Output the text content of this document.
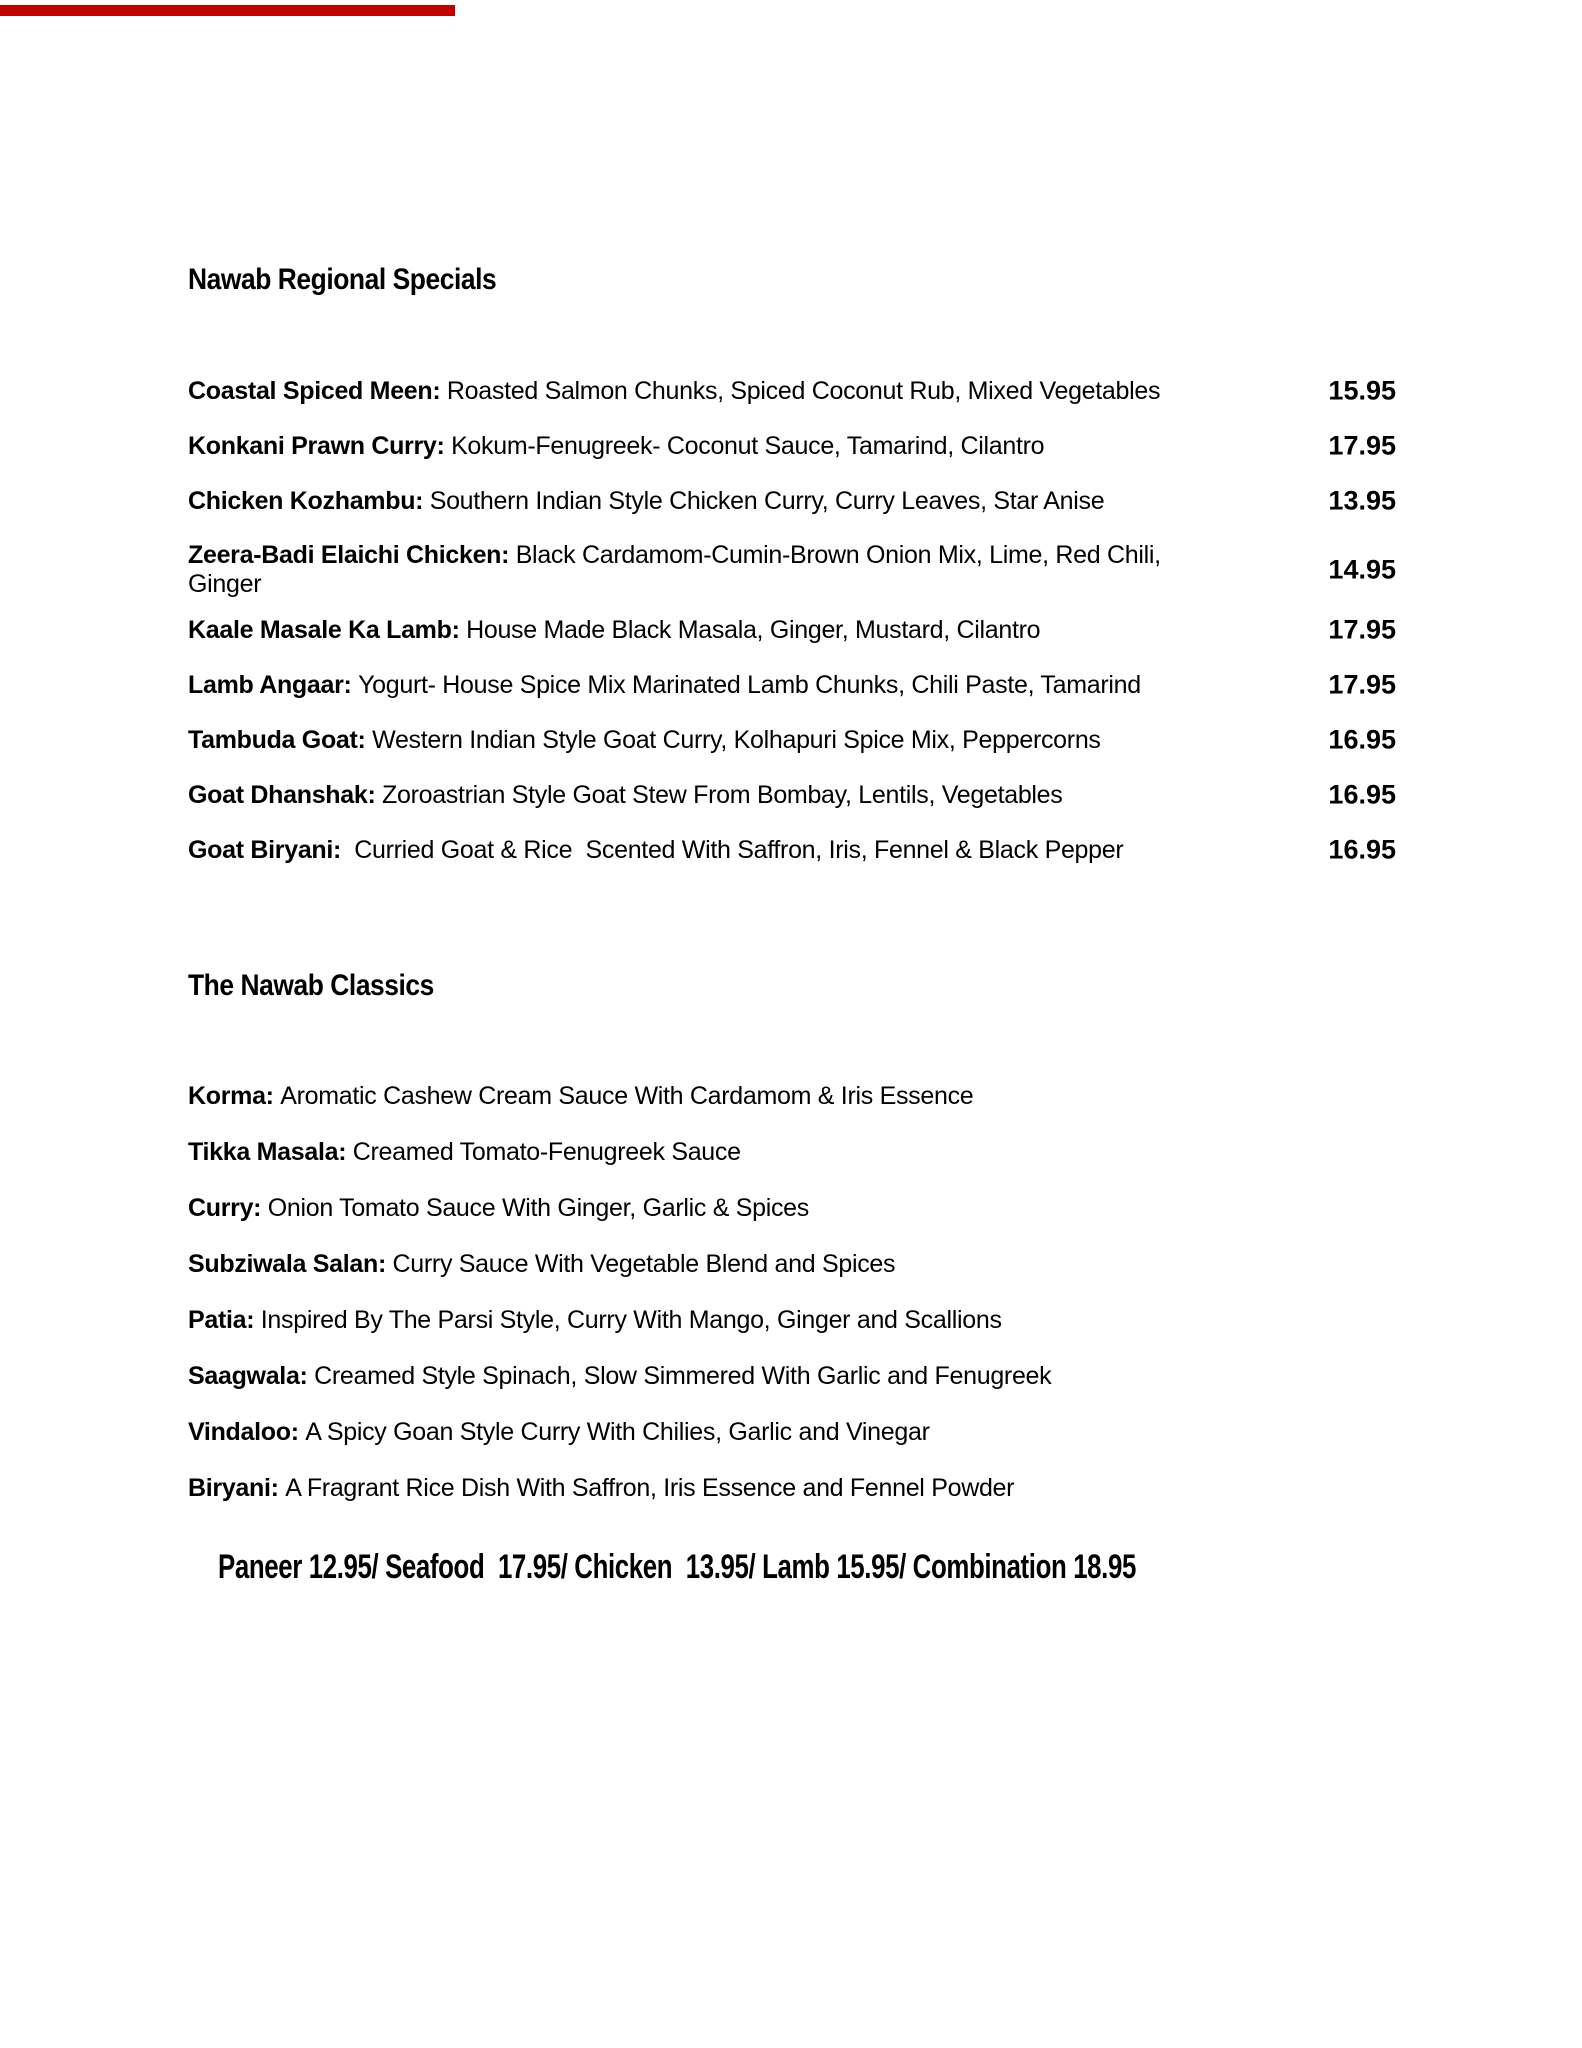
Nawab Regional Specials
Coastal Spiced Meen: Roasted Salmon Chunks, Spiced Coconut Rub, Mixed Vegetables	15.95
Konkani Prawn Curry: Kokum-Fenugreek- Coconut Sauce, Tamarind, Cilantro	17.95
Chicken Kozhambu: Southern Indian Style Chicken Curry, Curry Leaves, Star Anise	13.95
Zeera-Badi Elaichi Chicken: Black Cardamom-Cumin-Brown Onion Mix, Lime, Red Chili,
Ginger	14.95
Kaale Masale Ka Lamb: House Made Black Masala, Ginger, Mustard, Cilantro	17.95
Lamb Angaar: Yogurt- House Spice Mix Marinated Lamb Chunks, Chili Paste, Tamarind	17.95
Tambuda Goat: Western Indian Style Goat Curry, Kolhapuri Spice Mix, Peppercorns	16.95
Goat Dhanshak: Zoroastrian Style Goat Stew From Bombay, Lentils, Vegetables	16.95
Goat Biryani: Curried Goat & Rice  Scented With Saffron, Iris, Fennel & Black Pepper	16.95
The Nawab Classics
Korma: Aromatic Cashew Cream Sauce With Cardamom & Iris Essence
Tikka Masala: Creamed Tomato-Fenugreek Sauce
Curry: Onion Tomato Sauce With Ginger, Garlic & Spices
Subziwala Salan: Curry Sauce With Vegetable Blend and Spices
Patia: Inspired By The Parsi Style, Curry With Mango, Ginger and Scallions
Saagwala: Creamed Style Spinach, Slow Simmered With Garlic and Fenugreek
Vindaloo: A Spicy Goan Style Curry With Chilies, Garlic and Vinegar
Biryani: A Fragrant Rice Dish With Saffron, Iris Essence and Fennel Powder
Paneer 12.95/ Seafood  17.95/ Chicken  13.95/ Lamb 15.95/ Combination 18.95
